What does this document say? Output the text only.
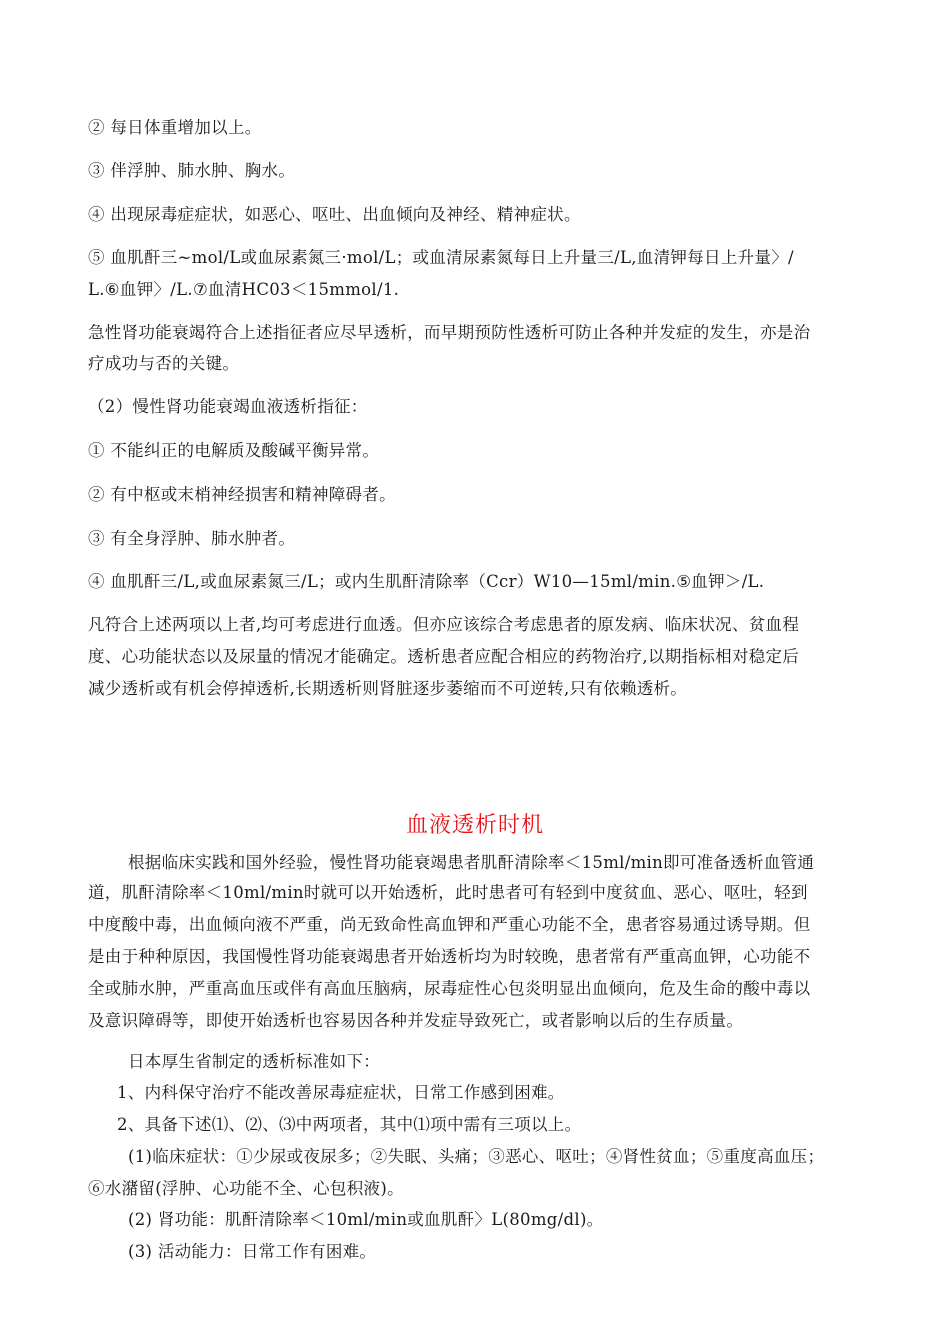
② 每日体重增加以上。
③ 伴浮肿、肺水肿、胸水。
④ 出现尿毒症症状，如恶心、呕吐、出血倾向及神经、精神症状。
⑤ 血肌酐三~mol/L或血尿素氮三·mol/L；或血清尿素氮每日上升量三/L,血清钾每日上升量〉/
L.⑥血钾〉/L.⑦血清HC03＜15mmol/1.
急性肾功能衰竭符合上述指征者应尽早透析，而早期预防性透析可防止各种并发症的发生，亦是治
疗成功与否的关键。
（2）慢性肾功能衰竭血液透析指征：
① 不能纠正的电解质及酸碱平衡异常。
② 有中枢或末梢神经损害和精神障碍者。
③ 有全身浮肿、肺水肿者。
④ 血肌酐三/L,或血尿素氮三/L；或内生肌酐清除率（Ccr）W10—15ml/min.⑤血钾＞/L.
凡符合上述两项以上者,均可考虑进行血透。但亦应该综合考虑患者的原发病、临床状况、贫血程
度、心功能状态以及尿量的情况才能确定。透析患者应配合相应的药物治疗,以期指标相对稳定后
减少透析或有机会停掉透析,长期透析则肾脏逐步萎缩而不可逆转,只有依赖透析。
血液透析时机
根据临床实践和国外经验，慢性肾功能衰竭患者肌酐清除率＜15ml/min即可准备透析血管通
道，肌酐清除率＜10ml/min时就可以开始透析，此时患者可有轻到中度贫血、恶心、呕吐，轻到
中度酸中毒，出血倾向液不严重，尚无致命性高血钾和严重心功能不全，患者容易通过诱导期。但
是由于种种原因，我国慢性肾功能衰竭患者开始透析均为时较晚，患者常有严重高血钾，心功能不
全或肺水肿，严重高血压或伴有高血压脑病，尿毒症性心包炎明显出血倾向，危及生命的酸中毒以
及意识障碍等，即使开始透析也容易因各种并发症导致死亡，或者影响以后的生存质量。
日本厚生省制定的透析标准如下：
1、内科保守治疗不能改善尿毒症症状，日常工作感到困难。
2、具备下述⑴、⑵、⑶中两项者，其中⑴项中需有三项以上。
(1)临床症状：①少尿或夜尿多；②失眠、头痛；③恶心、呕吐；④肾性贫血；⑤重度高血压；
⑥水潴留(浮肿、心功能不全、心包积液)。
(2) 肾功能：肌酐清除率＜10ml/min或血肌酐〉L(80mg/dl)。
(3) 活动能力：日常工作有困难。
